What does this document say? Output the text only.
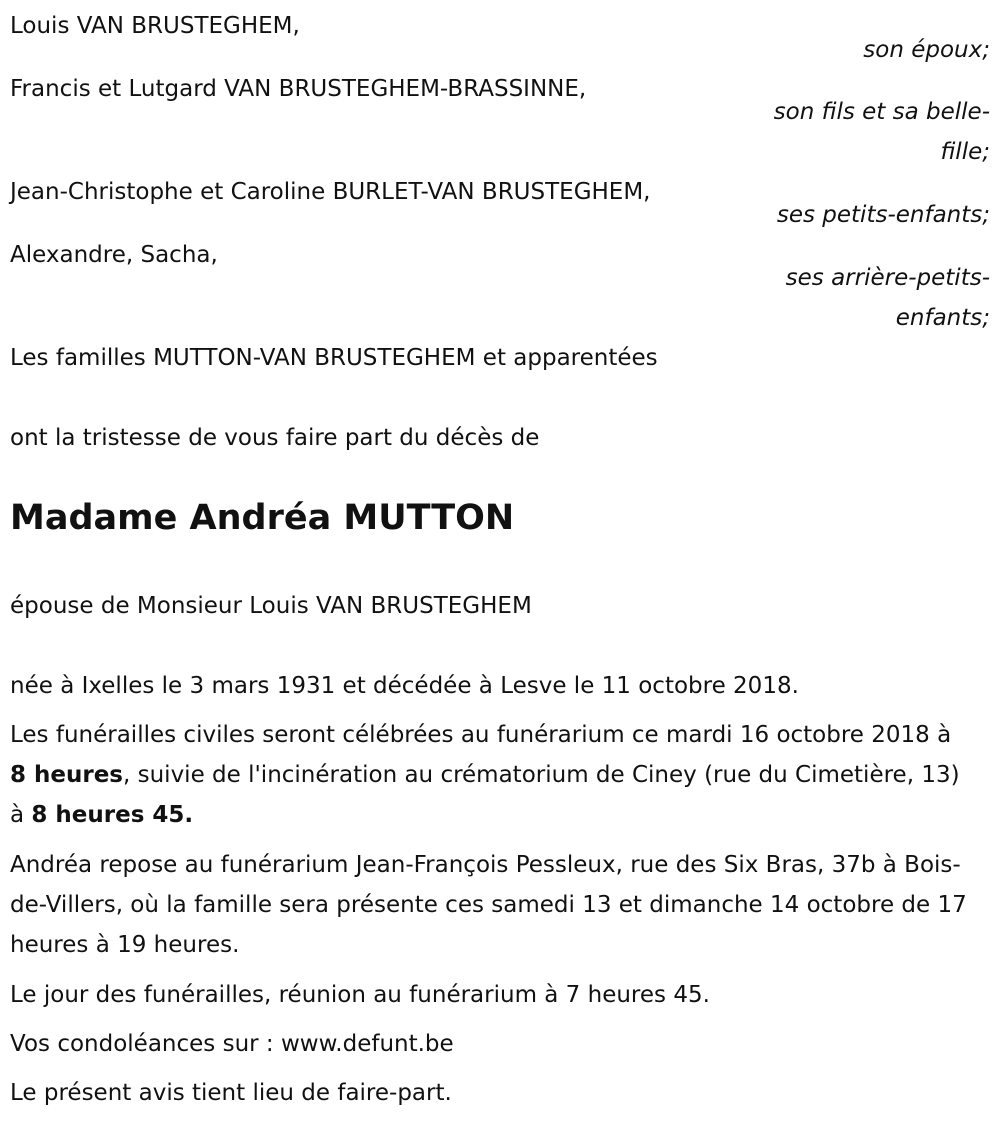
Louis VAN BRUSTEGHEM,
son époux;
Francis et Lutgard VAN BRUSTEGHEM-BRASSINNE,
son fils et sa belle-
fille;
Jean-Christophe et Caroline BURLET-VAN BRUSTEGHEM,
ses petits-enfants;
Alexandre, Sacha,
ses arrière-petits-
enfants;
Les familles MUTTON-VAN BRUSTEGHEM et apparentées
ont la tristesse de vous faire part du décès de
Madame Andréa MUTTON
épouse de Monsieur Louis VAN BRUSTEGHEM
née à Ixelles le 3 mars 1931 et décédée à Lesve le 11 octobre 2018.
Les funérailles civiles seront célébrées au funérarium ce mardi 16 octobre 2018 à 8 heures, suivie de l'incinération au crématorium de Ciney (rue du Cimetière, 13) à 8 heures 45.
Andréa repose au funérarium Jean-François Pessleux, rue des Six Bras, 37b à Bois-de-Villers, où la famille sera présente ces samedi 13 et dimanche 14 octobre de 17 heures à 19 heures.
Le jour des funérailles, réunion au funérarium à 7 heures 45.
Vos condoléances sur : www.defunt.be
Le présent avis tient lieu de faire-part.
